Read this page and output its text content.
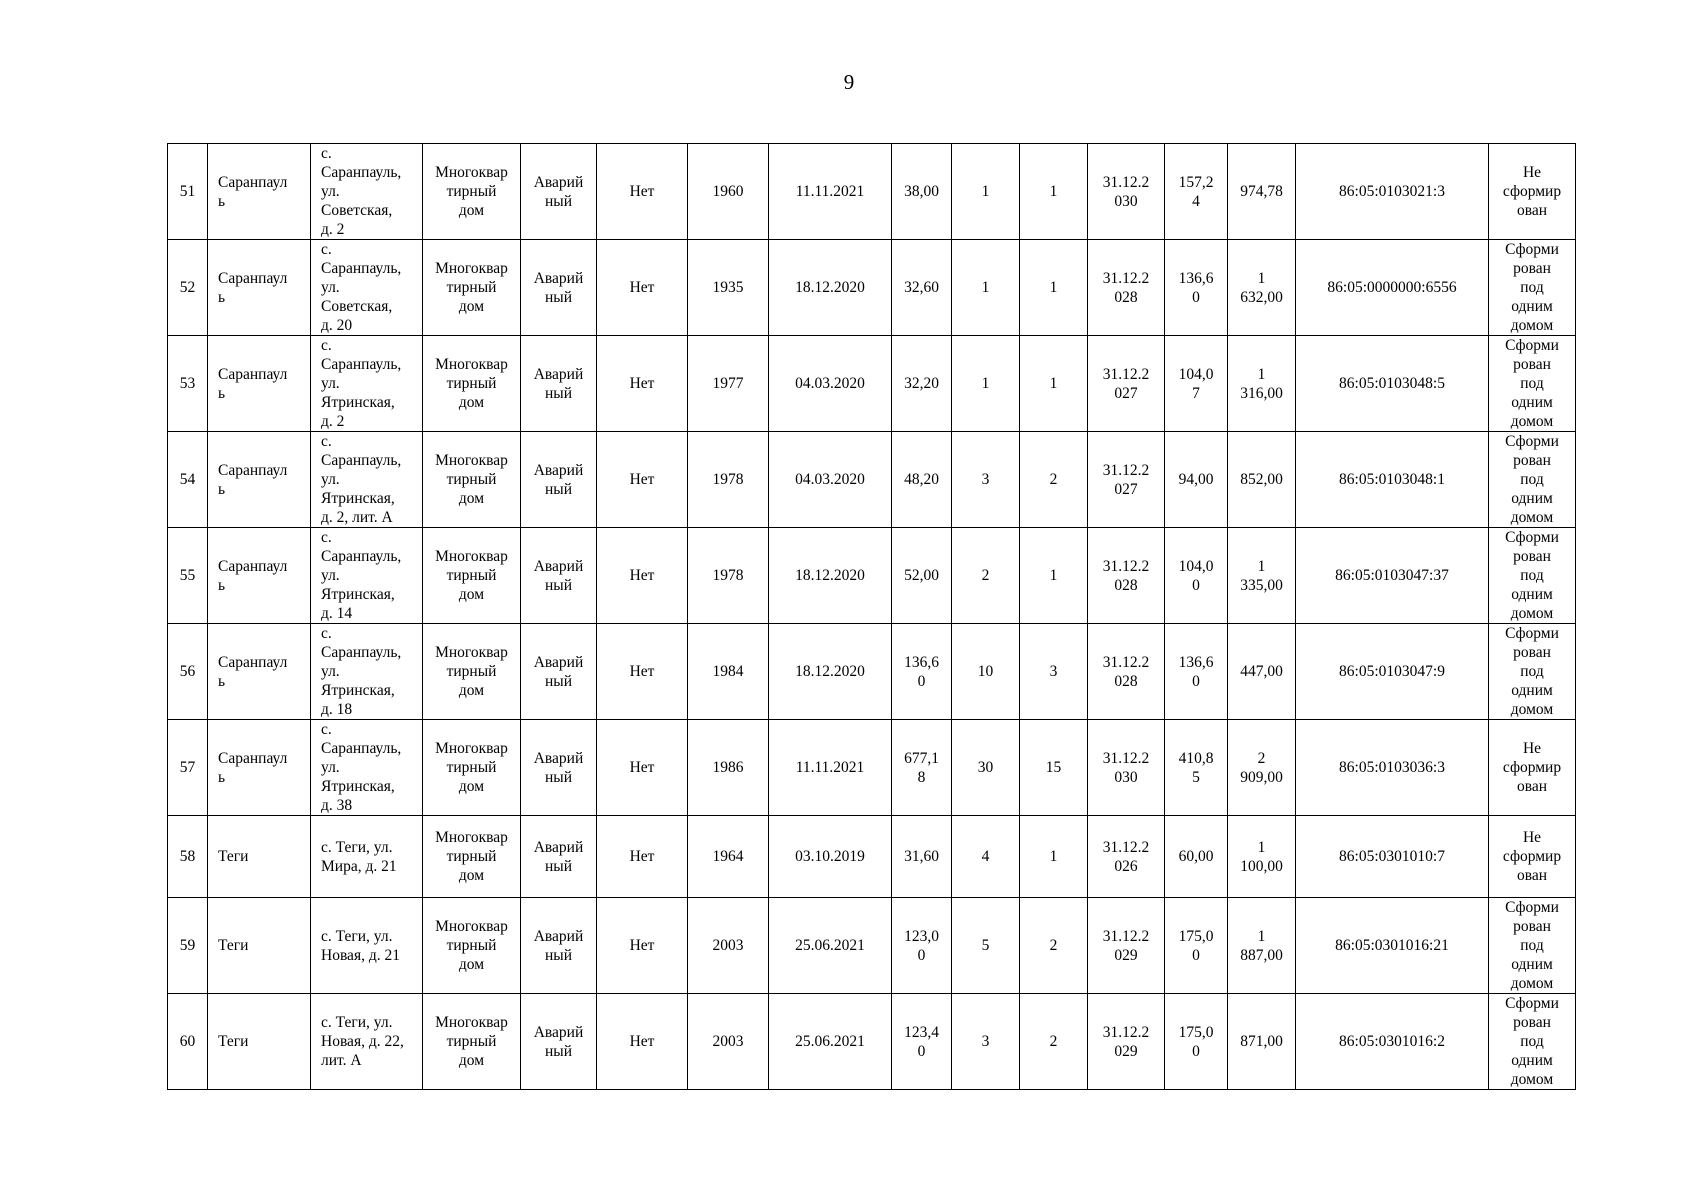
9
51	Саранпаул
ь	с.
Саранпауль,
ул.
Советская,
д. 2	Многоквар
тирный
дом	Аварий
ный	Нет	1960	11.11.2021	38,00	1	1	31.12.2
030	157,2
4	974,78	86:05:0103021:3	Не
сформир
ован

52	Саранпаул
ь	с.
Саранпауль,
ул.
Советская,
д. 20	Многоквар
тирный
дом	Аварий
ный	Нет	1935	18.12.2020	32,60	1	1	31.12.2
028	136,6
0	1
632,00	86:05:0000000:6556	Сформи
рован
под
одним
домом

53	Саранпаул
ь	с.
Саранпауль,
ул.
Ятринская,
д. 2	Многоквар
тирный
дом	Аварий
ный	Нет	1977	04.03.2020	32,20	1	1	31.12.2
027	104,0
7	1
316,00	86:05:0103048:5	Сформи
рован
под
одним
домом

54	Саранпаул
ь	с.
Саранпауль,
ул.
Ятринская,
д. 2, лит. А	Многоквар
тирный
дом	Аварий
ный	Нет	1978	04.03.2020	48,20	3	2	31.12.2
027	94,00	852,00	86:05:0103048:1	Сформи
рован
под
одним
домом

55	Саранпаул
ь	с.
Саранпауль,
ул.
Ятринская,
д. 14	Многоквар
тирный
дом	Аварий
ный	Нет	1978	18.12.2020	52,00	2	1	31.12.2
028	104,0
0	1
335,00	86:05:0103047:37	Сформи
рован
под
одним
домом

56	Саранпаул
ь	с.
Саранпауль,
ул.
Ятринская,
д. 18	Многоквар
тирный
дом	Аварий
ный	Нет	1984	18.12.2020	136,6
0	10	3	31.12.2
028	136,6
0	447,00	86:05:0103047:9	Сформи
рован
под
одним
домом

57	Саранпаул
ь	с.
Саранпауль,
ул.
Ятринская,
д. 38	Многоквар
тирный
дом	Аварий
ный	Нет	1986	11.11.2021	677,1
8	30	15	31.12.2
030	410,8
5	2
909,00	86:05:0103036:3	Не
сформир
ован

58	Теги	с. Теги, ул.
Мира, д. 21	Многоквар
тирный
дом	Аварий
ный	Нет	1964	03.10.2019	31,60	4	1	31.12.2
026	60,00	1
100,00	86:05:0301010:7	Не
сформир
ован

59	Теги	с. Теги, ул.
Новая, д. 21	Многоквар
тирный
дом	Аварий
ный	Нет	2003	25.06.2021	123,0
0	5	2	31.12.2
029	175,0
0	1
887,00	86:05:0301016:21	Сформи
рован
под
одним
домом

60	Теги	с. Теги, ул.
Новая, д. 22,
лит. А	Многоквар
тирный
дом	Аварий
ный	Нет	2003	25.06.2021	123,4
0	3	2	31.12.2
029	175,0
0	871,00	86:05:0301016:2	Сформи
рован
под
одним
домом
